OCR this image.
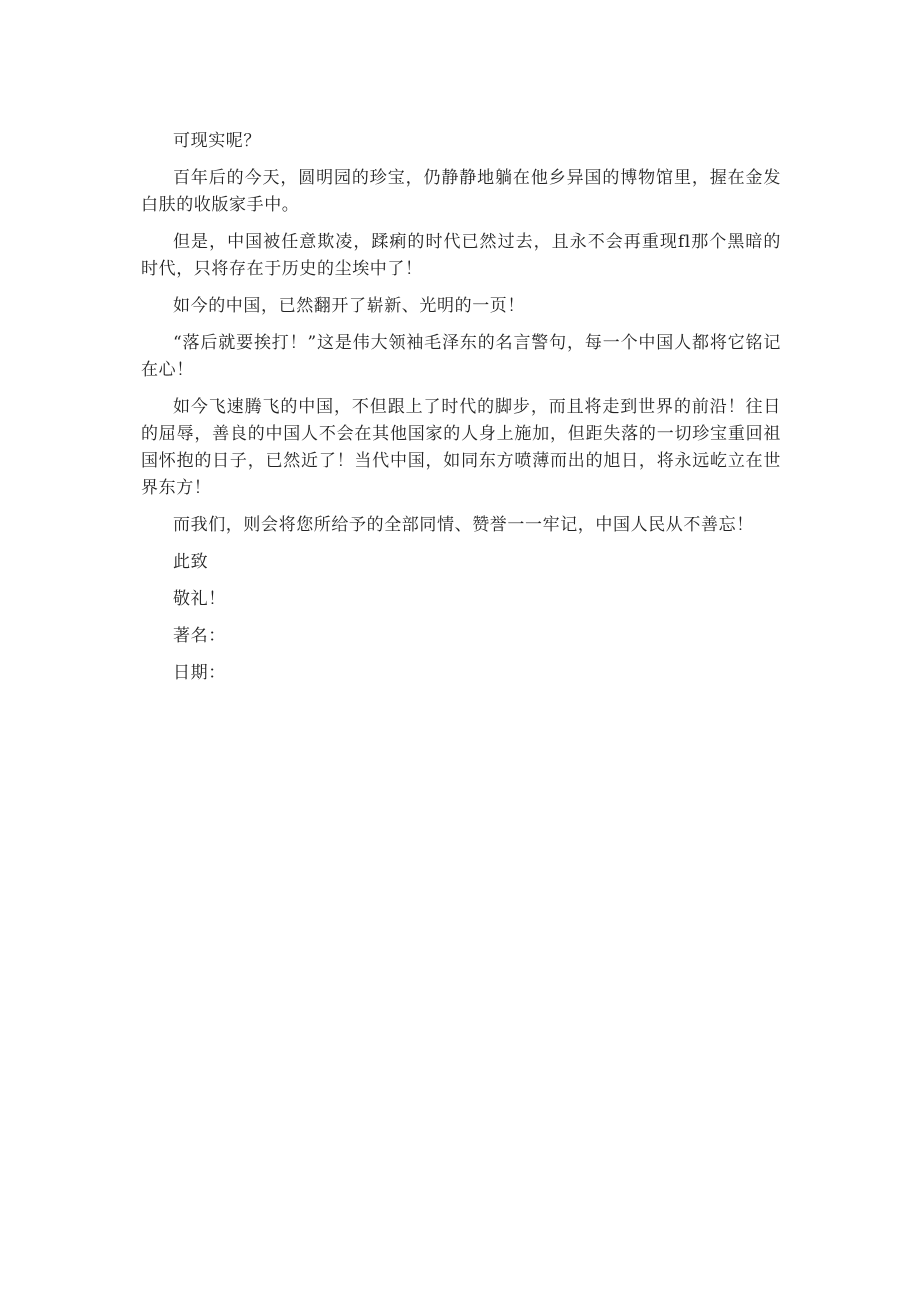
可现实呢？

百年后的今天，圆明园的珍宝，仍静静地躺在他乡异国的博物馆里，握在金发白肤的收版家手中。

但是，中国被任意欺凌，蹂痢的时代已然过去，且永不会再重现fl那个黑暗的时代，只将存在于历史的尘埃中了！

如今的中国，已然翻开了崭新、光明的一页！

“落后就要挨打！”这是伟大领袖毛泽东的名言警句，每一个中国人都将它铭记在心！

如今飞速腾飞的中国，不但跟上了时代的脚步，而且将走到世界的前沿！往日的屈辱，善良的中国人不会在其他国家的人身上施加，但距失落的一切珍宝重回祖国怀抱的日子，已然近了！当代中国，如同东方喷薄而出的旭日，将永远屹立在世界东方！

而我们，则会将您所给予的全部同情、赞誉一一牢记，中国人民从不善忘！

此致

敬礼！

著名：

日期：
